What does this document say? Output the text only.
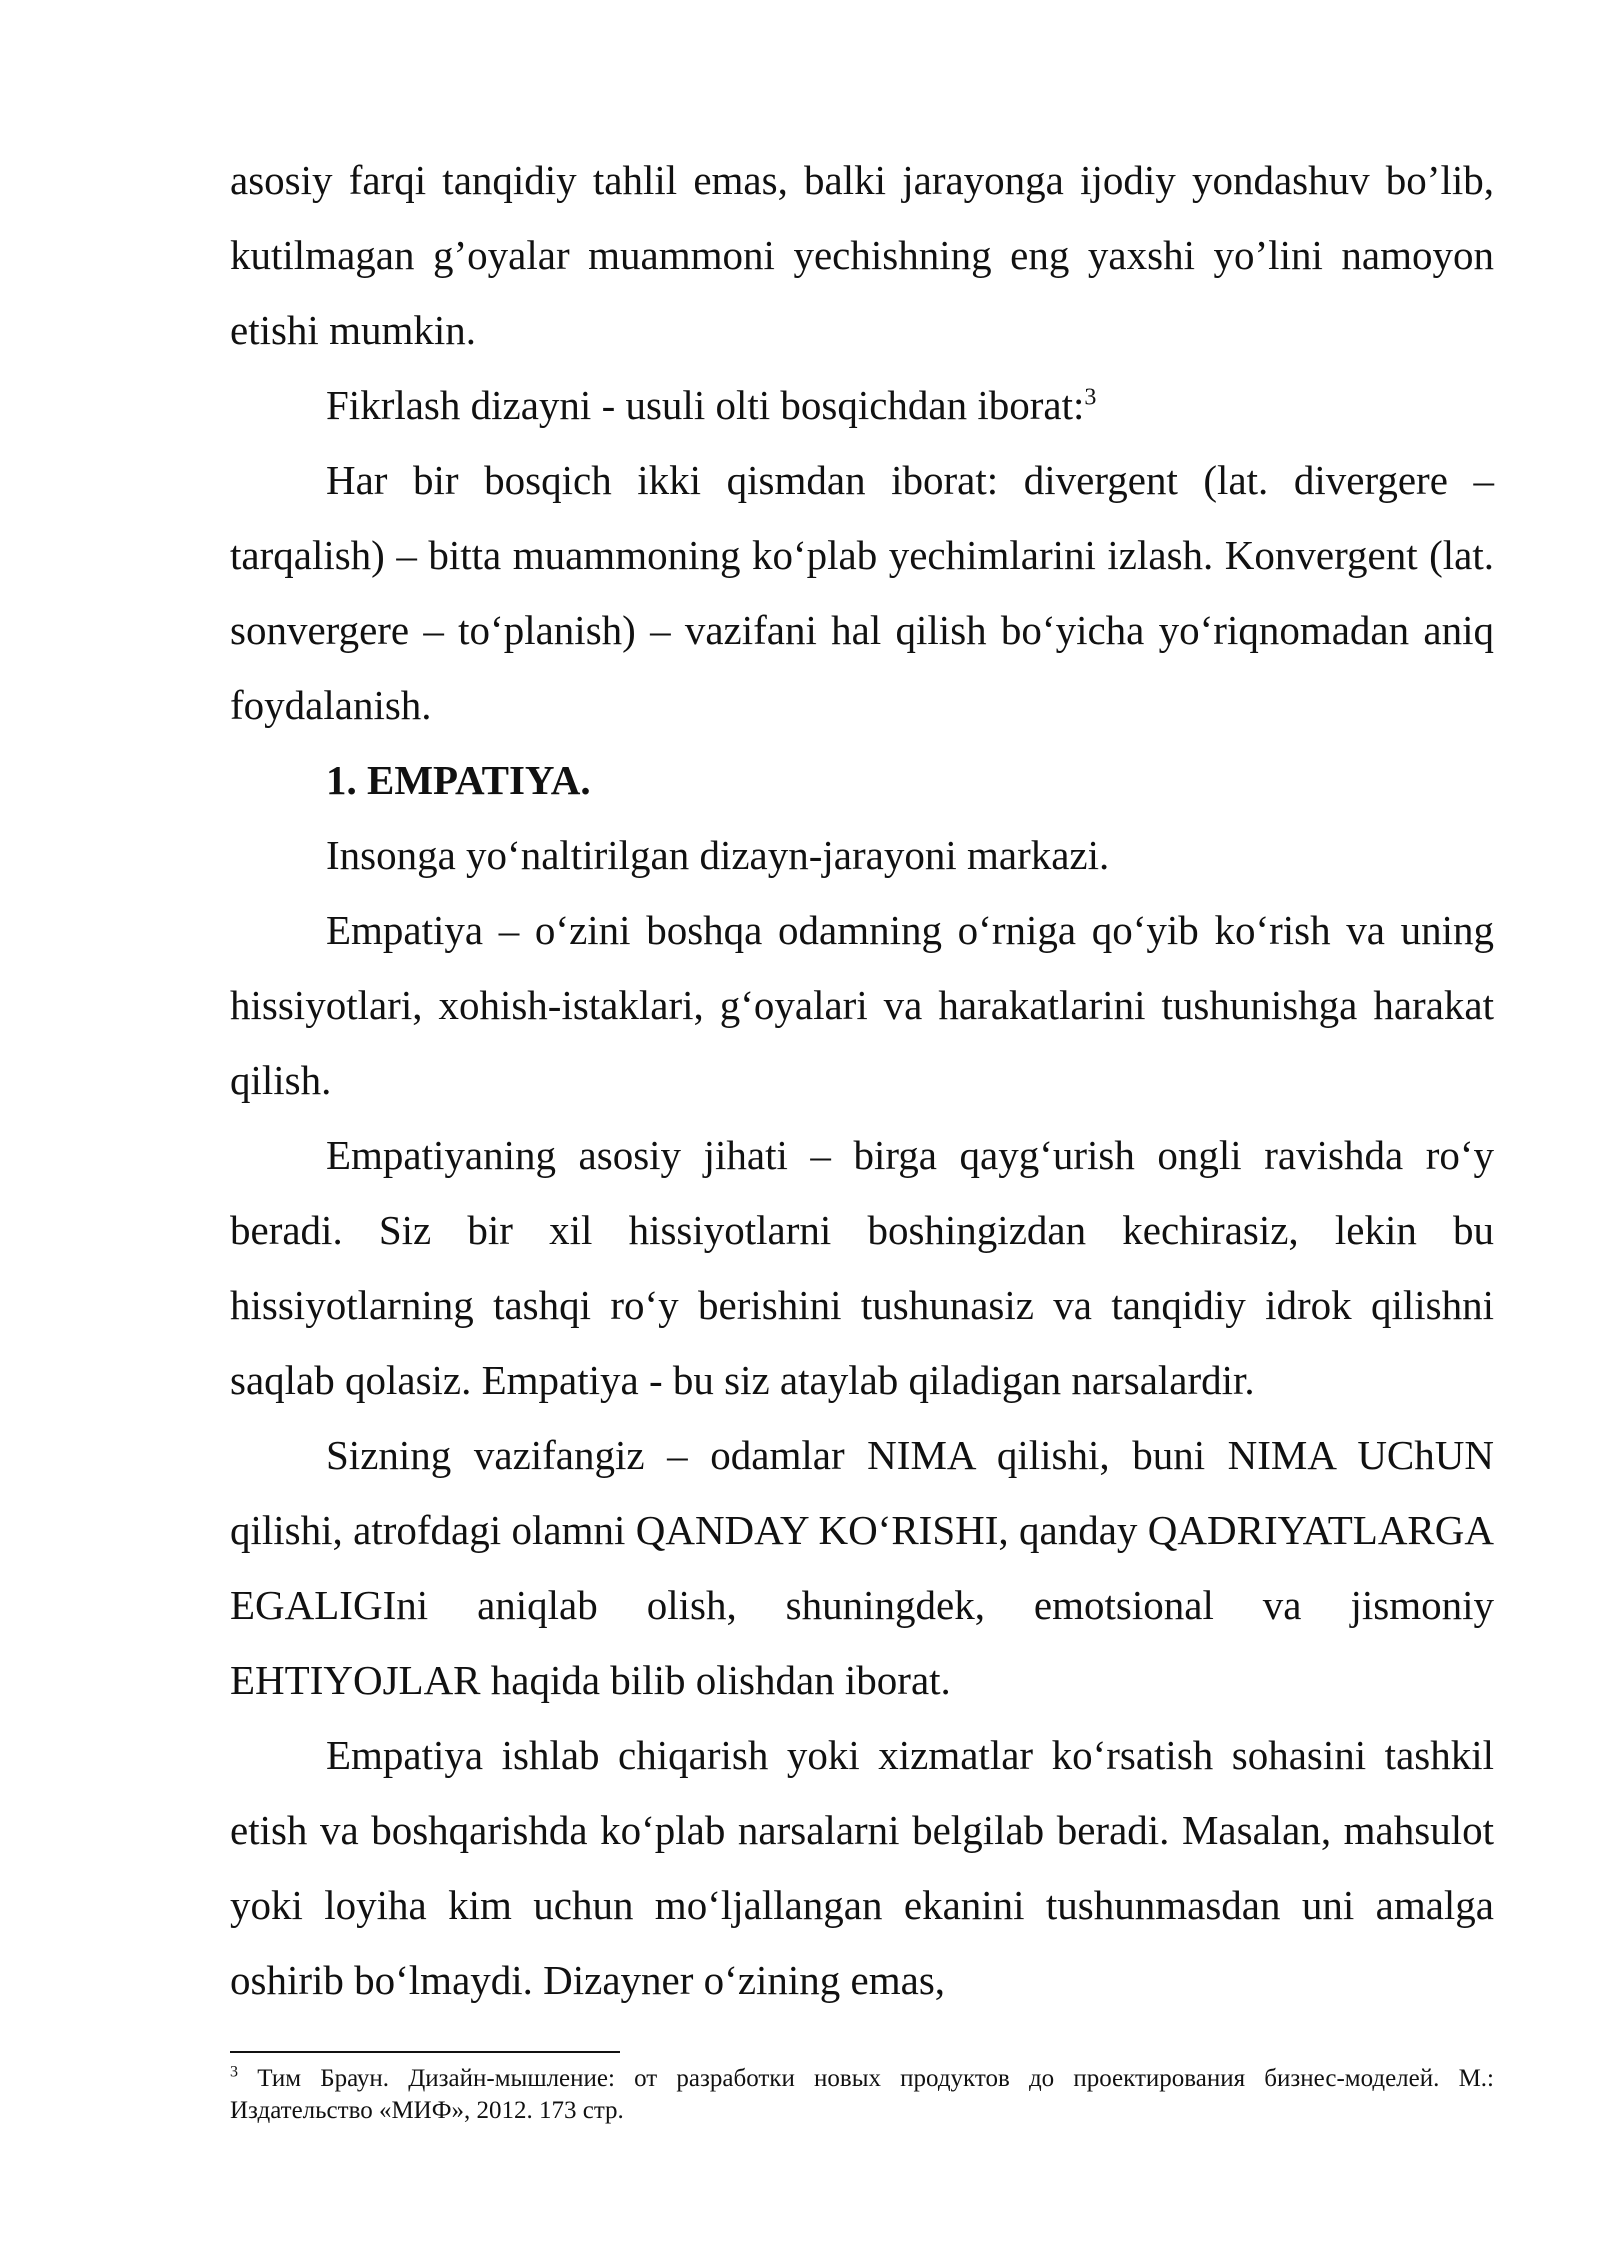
asosiy farqi tanqidiy tahlil emas, balki jarayonga ijodiy yondashuv bo’lib, kutilmagan g’oyalar muammoni yechishning eng yaxshi yo’lini namoyon etishi mumkin.

Fikrlash dizayni - usuli olti bosqichdan iborat:$^3$

Har bir bosqich ikki qismdan iborat: divergent (lat. divergere – tarqalish) – bitta muammoning ko‘plab yechimlarini izlash. Konvergent (lat. sonvergere – to‘planish) – vazifani hal qilish bo‘yicha yo‘riqnomadan aniq foydalanish.

1. EMPATIYA.

Insonga yo‘naltirilgan dizayn-jarayoni markazi.

Empatiya – o‘zini boshqa odamning o‘rniga qo‘yib ko‘rish va uning hissiyotlari, xohish-istaklari, g‘oyalari va harakatlarini tushunishga harakat qilish.

Empatiyaning asosiy jihati – birga qayg‘urish ongli ravishda ro‘y beradi. Siz bir xil hissiyotlarni boshingizdan kechirasiz, lekin bu hissiyotlarning tashqi ro‘y berishini tushunasiz va tanqidiy idrok qilishni saqlab qolasiz. Empatiya - bu siz ataylab qiladigan narsalardir.

Sizning vazifangiz – odamlar NIMA qilishi, buni NIMA UChUN qilishi, atrofdagi olamni QANDAY KO‘RISHI, qanday QADRIYATLARGA EGALIGIni aniqlab olish, shuningdek, emotsional va jismoniy EHTIYOJLAR haqida bilib olishdan iborat.

Empatiya ishlab chiqarish yoki xizmatlar ko‘rsatish sohasini tashkil etish va boshqarishda ko‘plab narsalarni belgilab beradi. Masalan, mahsulot yoki loyiha kim uchun mo‘ljallangan ekanini tushunmasdan uni amalga oshirib bo‘lmaydi. Dizayner o‘zining emas,

$^3$ Тим Браун. Дизайн-мышление: от разработки новых продуктов до проектирования бизнес-моделей. М.: Издательство «МИФ», 2012. 173 стр.
